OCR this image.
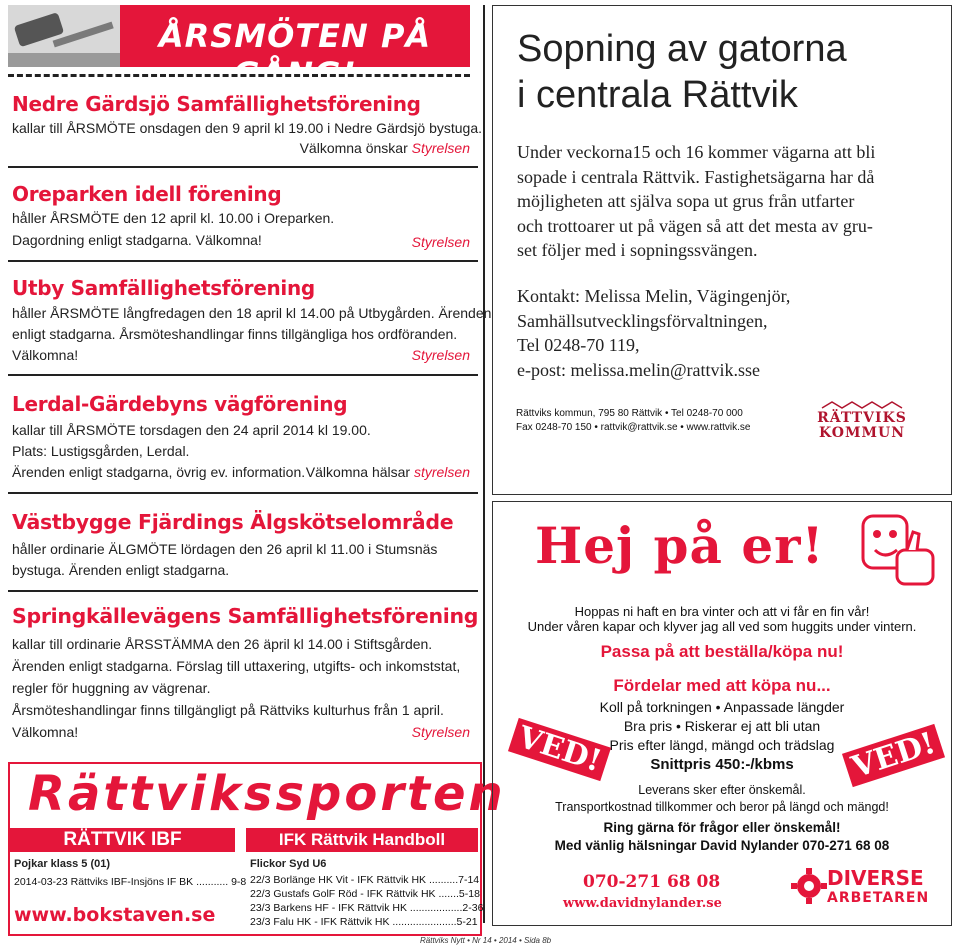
ÅRSMÖTEN PÅ GÅNG!
Nedre Gärdsjö Samfällighetsförening
kallar till ÅRSMÖTE onsdagen den 9 april kl 19.00 i Nedre Gärdsjö bystuga.
Välkomna önskar Styrelsen
Oreparken idell förening
håller ÅRSMÖTE den 12 april kl. 10.00 i Oreparken.
Dagordning enligt stadgarna. Välkomna!	Styrelsen
Utby Samfällighetsförening
håller ÅRSMÖTE långfredagen den 18 april kl 14.00 på Utbygården. Ärenden
enligt stadgarna. Årsmöteshandlingar finns tillgängliga hos ordföranden.
Välkomna!	Styrelsen
Lerdal-Gärdebyns vägförening
kallar till ÅRSMÖTE torsdagen den 24 april 2014 kl 19.00.
Plats: Lustigsgården, Lerdal.
Ärenden enligt stadgarna, övrig ev. information. Välkomna hälsar styrelsen
Västbygge Fjärdings Älgskötselområde
håller ordinarie ÄLGMÖTE lördagen den 26 april kl 11.00 i Stumsnäs
bystuga. Ärenden enligt stadgarna.
Springkällevägens Samfällighetsförening
kallar till ordinarie ÅRSSTÄMMA den 26 äpril kl 14.00 i Stiftsgården.
Ärenden enligt stadgarna. Förslag till uttaxering, utgifts- och inkomststat,
regler för huggning av vägrenar.
Årsmöteshandlingar finns tillgängligt på Rättviks kulturhus från 1 april.
Välkomna!	Styrelsen
Rättvikssporten
RÄTTVIK IBF
Pojkar klass 5 (01)
2014-03-23 Rättviks IBF-Insjöns IF BK ........... 9-8
www.bokstaven.se
IFK Rättvik Handboll
Flickor Syd U6
22/3 Borlänge HK Vit - IFK Rättvik HK ..........7-14
22/3 Gustafs GolF Röd - IFK Rättvik HK .......5-18
23/3 Barkens HF - IFK Rättvik HK ..................2-36
23/3 Falu HK - IFK Rättvik HK ......................5-21
Sopning av gatorna
i centrala Rättvik
Under veckorna15 och 16 kommer vägarna att bli
sopade i centrala Rättvik. Fastighetsägarna har då
möjligheten att själva sopa ut grus från utfarter
och trottoarer ut på vägen så att det mesta av gru-
set följer med i sopningssvängen.
Kontakt: Melissa Melin, Vägingenjör,
Samhällsutvecklingsförvaltningen,
Tel 0248-70 119,
e-post: melissa.melin@rattvik.sse
Rättviks kommun, 795 80 Rättvik • Tel 0248-70 000
Fax 0248-70 150 • rattvik@rattvik.se • www.rattvik.se
RÄTTVIKS
KOMMUN
Hej på er!
Hoppas ni haft en bra vinter och att vi får en fin vår!
Under våren kapar och klyver jag all ved som huggits under vintern.
Passa på att beställa/köpa nu!
Fördelar med att köpa nu...
Koll på torkningen • Anpassade längder
Bra pris • Riskerar ej att bli utan
Pris efter längd, mängd och trädslag
Snittpris 450:-/kbms
Leverans sker efter önskemål.
Transportkostnad tillkommer och beror på längd och mängd!
Ring gärna för frågor eller önskemål!
Med vänlig hälsningar David Nylander 070-271 68 08
VED!	VED!
070-271 68 08
www.davidnylander.se
DIVERSE
ARBETAREN
Rättviks Nytt • Nr 14 • 2014 • Sida 8b
